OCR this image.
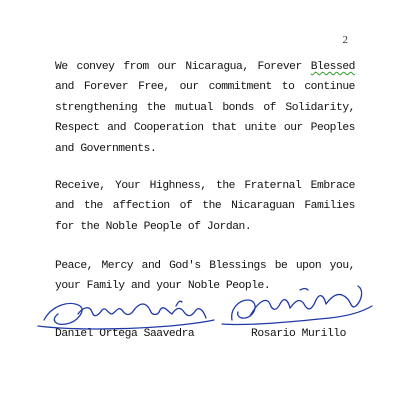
2
We convey from our Nicaragua, Forever Blessed
and Forever Free, our commitment to continue
strengthening the mutual bonds of Solidarity,
Respect and Cooperation that unite our Peoples
and Governments.
Receive, Your Highness, the Fraternal Embrace
and the affection of the Nicaraguan Families
for the Noble People of Jordan.
Peace, Mercy and God's Blessings be upon you,
your Family and your Noble People.
Daniel Ortega Saavedra	Rosario Murillo
